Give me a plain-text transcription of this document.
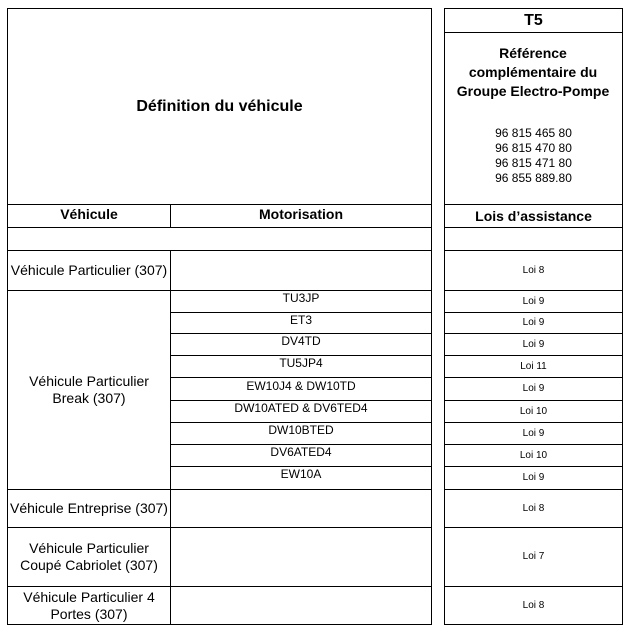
Définition du véhicule
T5
Référence complémentaire du Groupe Electro-Pompe
96 815 465 80
96 815 470 80
96 815 471 80
96 855 889.80
Véhicule	Motorisation	Lois d’assistance
Véhicule Particulier (307)
Véhicule Particulier Break (307)
Véhicule Entreprise (307)
Véhicule Particulier Coupé Cabriolet (307)
Véhicule Particulier 4 Portes (307)
TU3JP
ET3
DV4TD
TU5JP4
EW10J4 & DW10TD
DW10ATED & DV6TED4
DW10BTED
DV6ATED4
EW10A
Loi 8
Loi 9
Loi 9
Loi 9
Loi 11
Loi 9
Loi 10
Loi 9
Loi 10
Loi 9
Loi 8
Loi 7
Loi 8
